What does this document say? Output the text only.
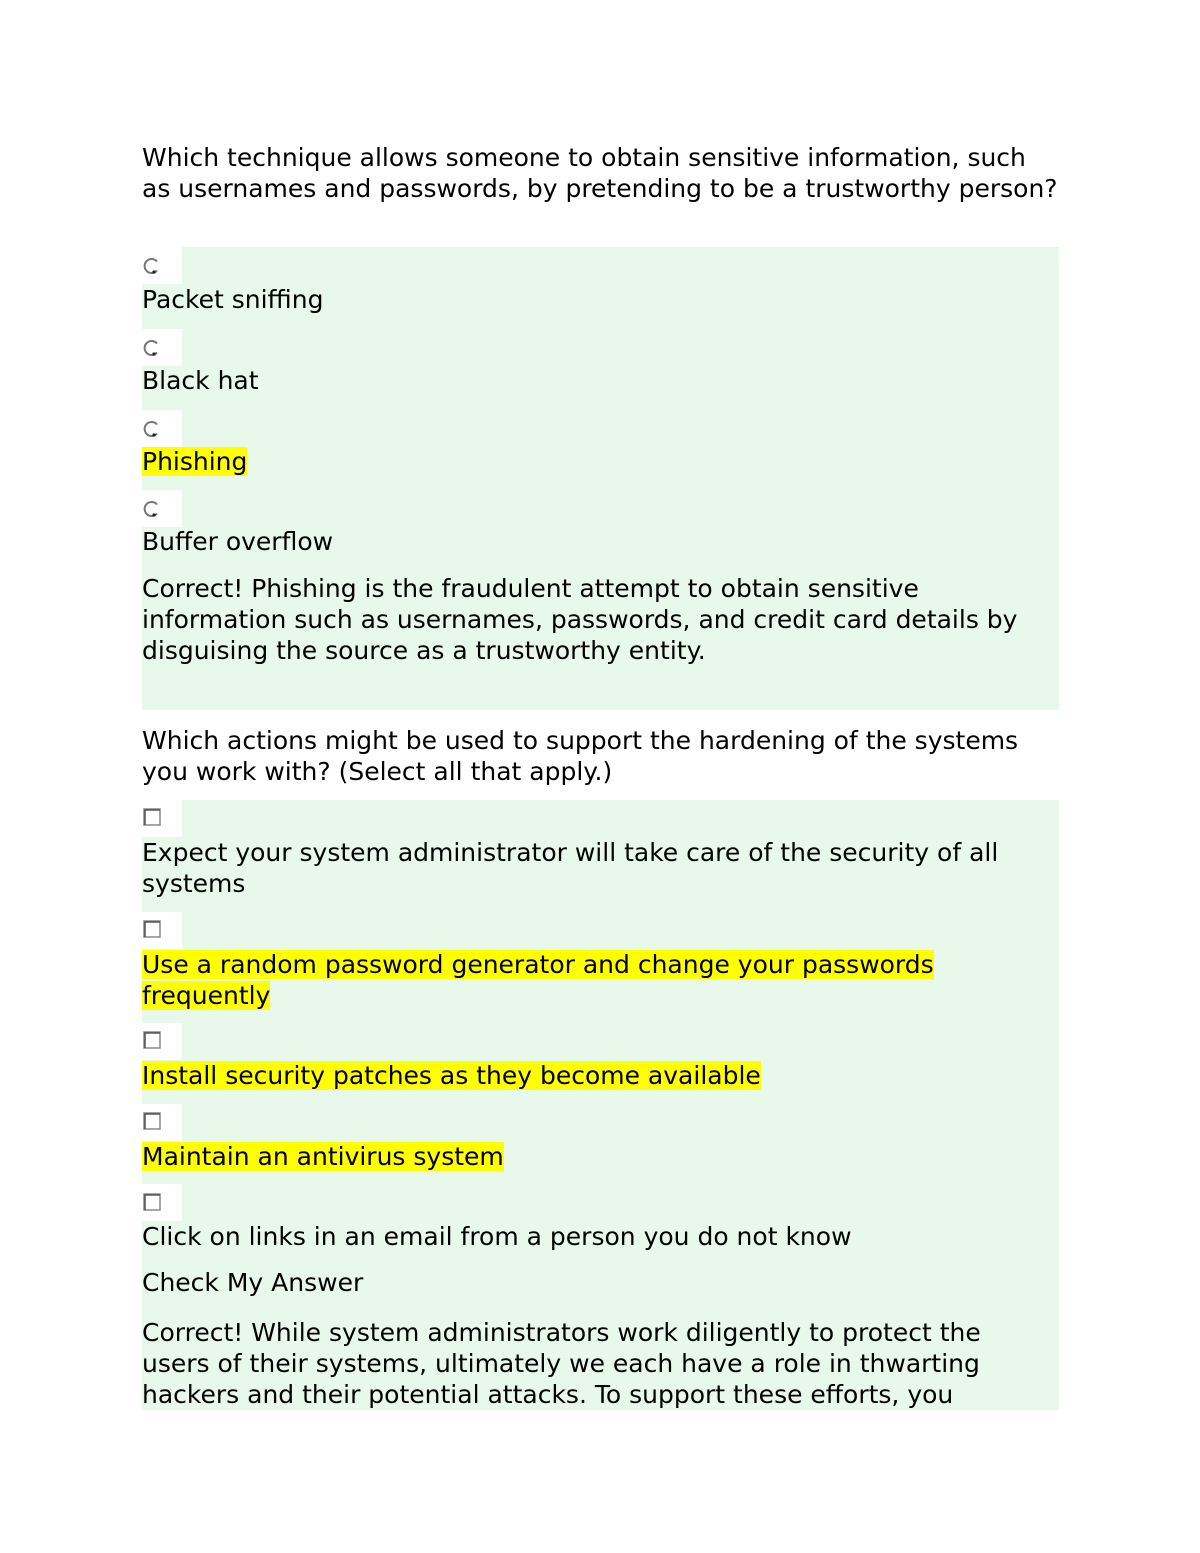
Which technique allows someone to obtain sensitive information, such as usernames and passwords, by pretending to be a trustworthy person?

Packet sniffing

Black hat

Phishing

Buffer overflow

Correct! Phishing is the fraudulent attempt to obtain sensitive information such as usernames, passwords, and credit card details by disguising the source as a trustworthy entity.

Which actions might be used to support the hardening of the systems you work with? (Select all that apply.)

Expect your system administrator will take care of the security of all systems

Use a random password generator and change your passwords frequently

Install security patches as they become available

Maintain an antivirus system

Click on links in an email from a person you do not know

Check My Answer

Correct! While system administrators work diligently to protect the users of their systems, ultimately we each have a role in thwarting hackers and their potential attacks. To support these efforts, you
